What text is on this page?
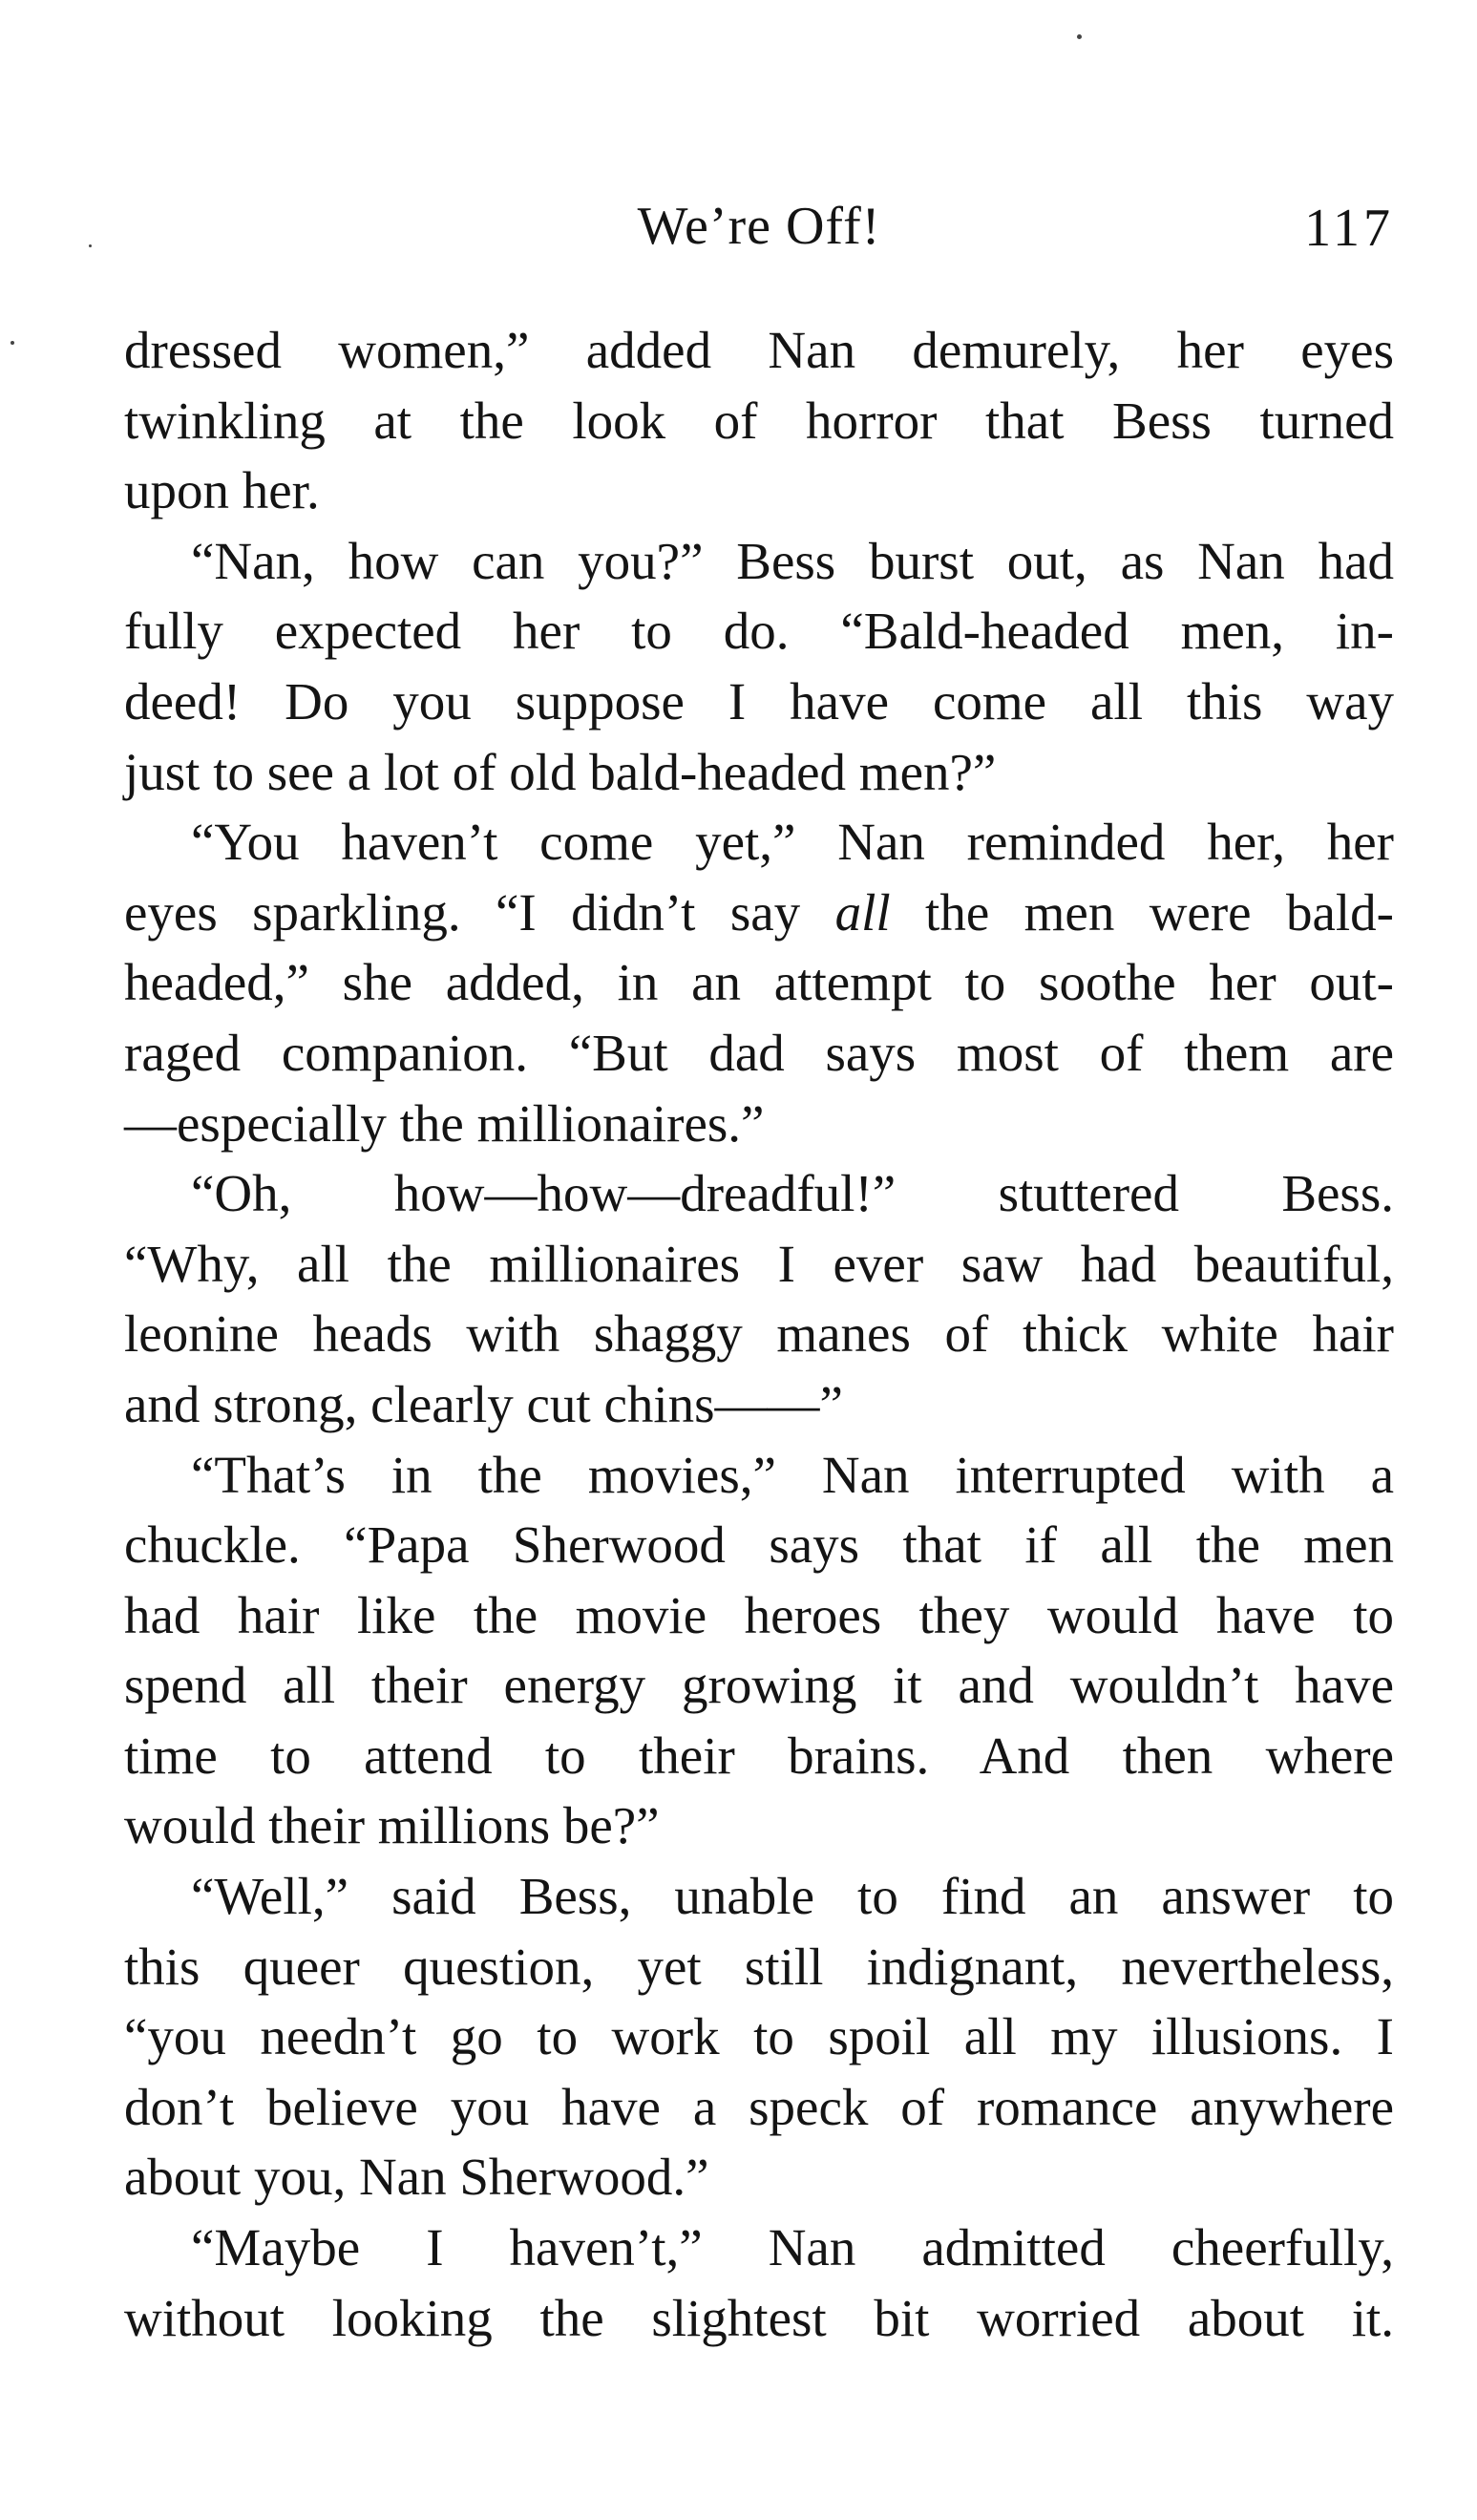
We’re Off!	117
dressed women,” added Nan demurely, her eyes
twinkling at the look of horror that Bess turned
upon her.
“Nan, how can you?” Bess burst out, as Nan had
fully expected her to do. “Bald-headed men, in-
deed! Do you suppose I have come all this way
just to see a lot of old bald-headed men?”
“You haven’t come yet,” Nan reminded her, her
eyes sparkling. “I didn’t say all the men were bald-
headed,” she added, in an attempt to soothe her out-
raged companion. “But dad says most of them are
—especially the millionaires.”
“Oh, how—how—dreadful!” stuttered Bess.
“Why, all the millionaires I ever saw had beautiful,
leonine heads with shaggy manes of thick white hair
and strong, clearly cut chins——”
“That’s in the movies,” Nan interrupted with a
chuckle. “Papa Sherwood says that if all the men
had hair like the movie heroes they would have to
spend all their energy growing it and wouldn’t have
time to attend to their brains. And then where
would their millions be?”
“Well,” said Bess, unable to find an answer to
this queer question, yet still indignant, nevertheless,
“you needn’t go to work to spoil all my illusions. I
don’t believe you have a speck of romance anywhere
about you, Nan Sherwood.”
“Maybe I haven’t,” Nan admitted cheerfully,
without looking the slightest bit worried about it.
